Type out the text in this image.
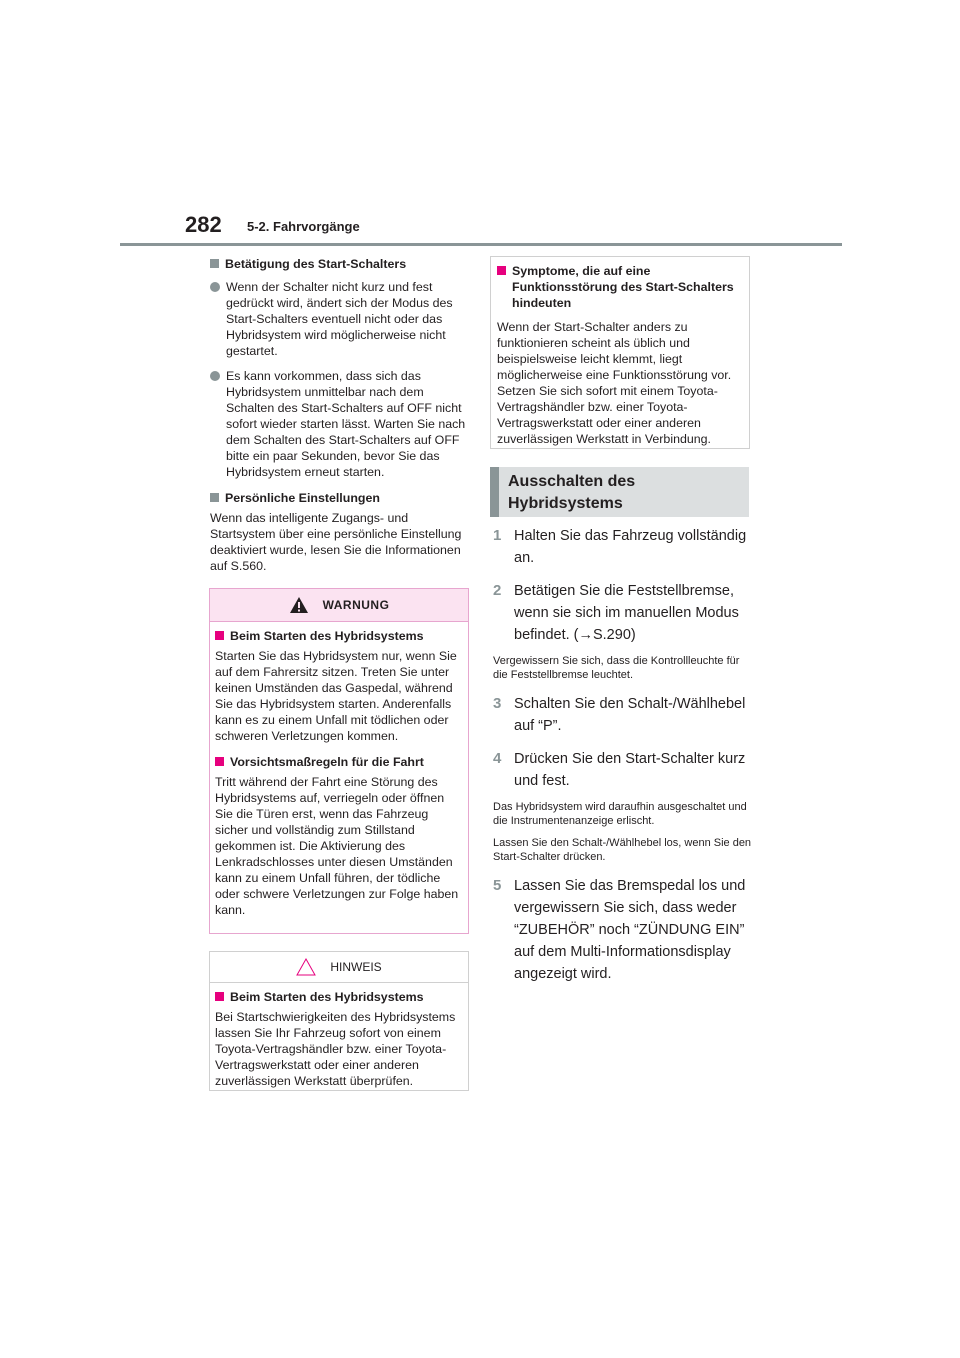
282 5-2. Fahrvorgänge
Betätigung des Start-Schalters

Wenn der Schalter nicht kurz und fest gedrückt wird, ändert sich der Modus des Start-Schalters eventuell nicht oder das Hybridsystem wird möglicherweise nicht gestartet.

Es kann vorkommen, dass sich das Hybridsystem unmittelbar nach dem Schalten des Start-Schalters auf OFF nicht sofort wieder starten lässt. Warten Sie nach dem Schalten des Start-Schalters auf OFF bitte ein paar Sekunden, bevor Sie das Hybridsystem erneut starten.

Persönliche Einstellungen

Wenn das intelligente Zugangs- und Startsystem über eine persönliche Einstellung deaktiviert wurde, lesen Sie die Informationen auf S.560.

WARNUNG
Beim Starten des Hybridsystems

Starten Sie das Hybridsystem nur, wenn Sie auf dem Fahrersitz sitzen. Treten Sie unter keinen Umständen das Gaspedal, während Sie das Hybridsystem starten. Anderenfalls kann es zu einem Unfall mit tödlichen oder schweren Verletzungen kommen.

Vorsichtsmaßregeln für die Fahrt

Tritt während der Fahrt eine Störung des Hybridsystems auf, verriegeln oder öffnen Sie die Türen erst, wenn das Fahrzeug sicher und vollständig zum Stillstand gekommen ist. Die Aktivierung des Lenkradschlosses unter diesen Umständen kann zu einem Unfall führen, der tödliche oder schwere Verletzungen zur Folge haben kann.

HINWEIS
Beim Starten des Hybridsystems

Bei Startschwierigkeiten des Hybridsystems lassen Sie Ihr Fahrzeug sofort von einem Toyota-Vertragshändler bzw. einer Toyota-Vertragswerkstatt oder einer anderen zuverlässigen Werkstatt überprüfen.

Symptome, die auf eine Funktionsstörung des Start-Schalters hindeuten

Wenn der Start-Schalter anders zu funktionieren scheint als üblich und beispielsweise leicht klemmt, liegt möglicherweise eine Funktionsstörung vor. Setzen Sie sich sofort mit einem Toyota-Vertragshändler bzw. einer Toyota-Vertragswerkstatt oder einer anderen zuverlässigen Werkstatt in Verbindung.

Ausschalten des Hybridsystems
1 Halten Sie das Fahrzeug vollständig an.
2 Betätigen Sie die Feststellbremse, wenn sie sich im manuellen Modus befindet. (→S.290)

Vergewissern Sie sich, dass die Kontrollleuchte für die Feststellbremse leuchtet.

3 Schalten Sie den Schalt-/Wählhebel auf “P”.
4 Drücken Sie den Start-Schalter kurz und fest.

Das Hybridsystem wird daraufhin ausgeschaltet und die Instrumentenanzeige erlischt.

Lassen Sie den Schalt-/Wählhebel los, wenn Sie den Start-Schalter drücken.

5 Lassen Sie das Bremspedal los und vergewissern Sie sich, dass weder “ZUBEHÖR” noch “ZÜNDUNG EIN” auf dem Multi-Informationsdisplay angezeigt wird.
